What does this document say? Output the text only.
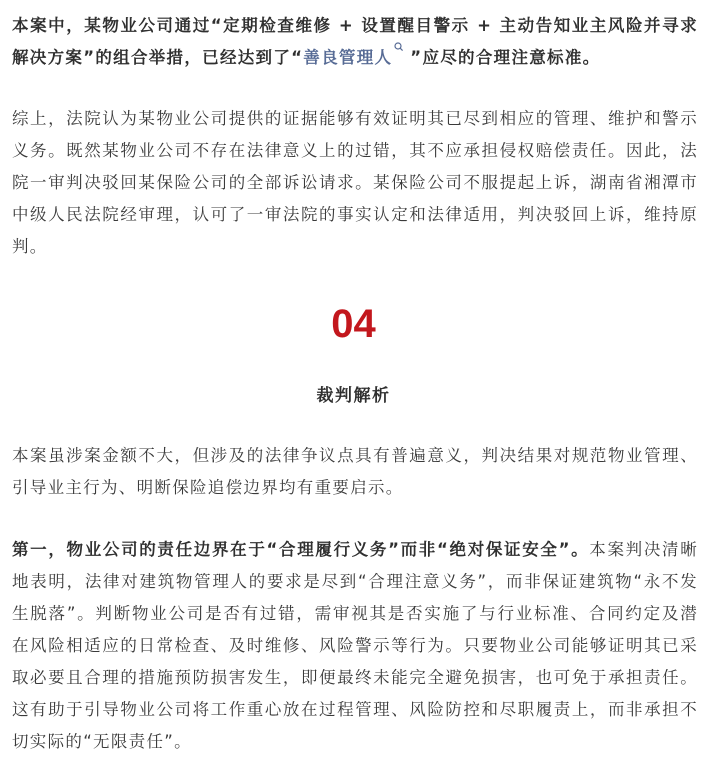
本案中，某物业公司通过“定期检查维修 + 设置醒目警示 + 主动告知业主风险并寻求解决方案”的组合举措，已经达到了“善良管理人 ”应尽的合理注意标准。

综上，法院认为某物业公司提供的证据能够有效证明其已尽到相应的管理、维护和警示义务。既然某物业公司不存在法律意义上的过错，其不应承担侵权赔偿责任。因此，法院一审判决驳回某保险公司的全部诉讼请求。某保险公司不服提起上诉，湖南省湘潭市中级人民法院经审理，认可了一审法院的事实认定和法律适用，判决驳回上诉，维持原判。

04

裁判解析

本案虽涉案金额不大，但涉及的法律争议点具有普遍意义，判决结果对规范物业管理、引导业主行为、明断保险追偿边界均有重要启示。

第一，物业公司的责任边界在于“合理履行义务”而非“绝对保证安全”。本案判决清晰地表明，法律对建筑物管理人的要求是尽到“合理注意义务”，而非保证建筑物“永不发生脱落”。判断物业公司是否有过错，需审视其是否实施了与行业标准、合同约定及潜在风险相适应的日常检查、及时维修、风险警示等行为。只要物业公司能够证明其已采取必要且合理的措施预防损害发生，即便最终未能完全避免损害，也可免于承担责任。这有助于引导物业公司将工作重心放在过程管理、风险防控和尽职履责上，而非承担不切实际的“无限责任”。
